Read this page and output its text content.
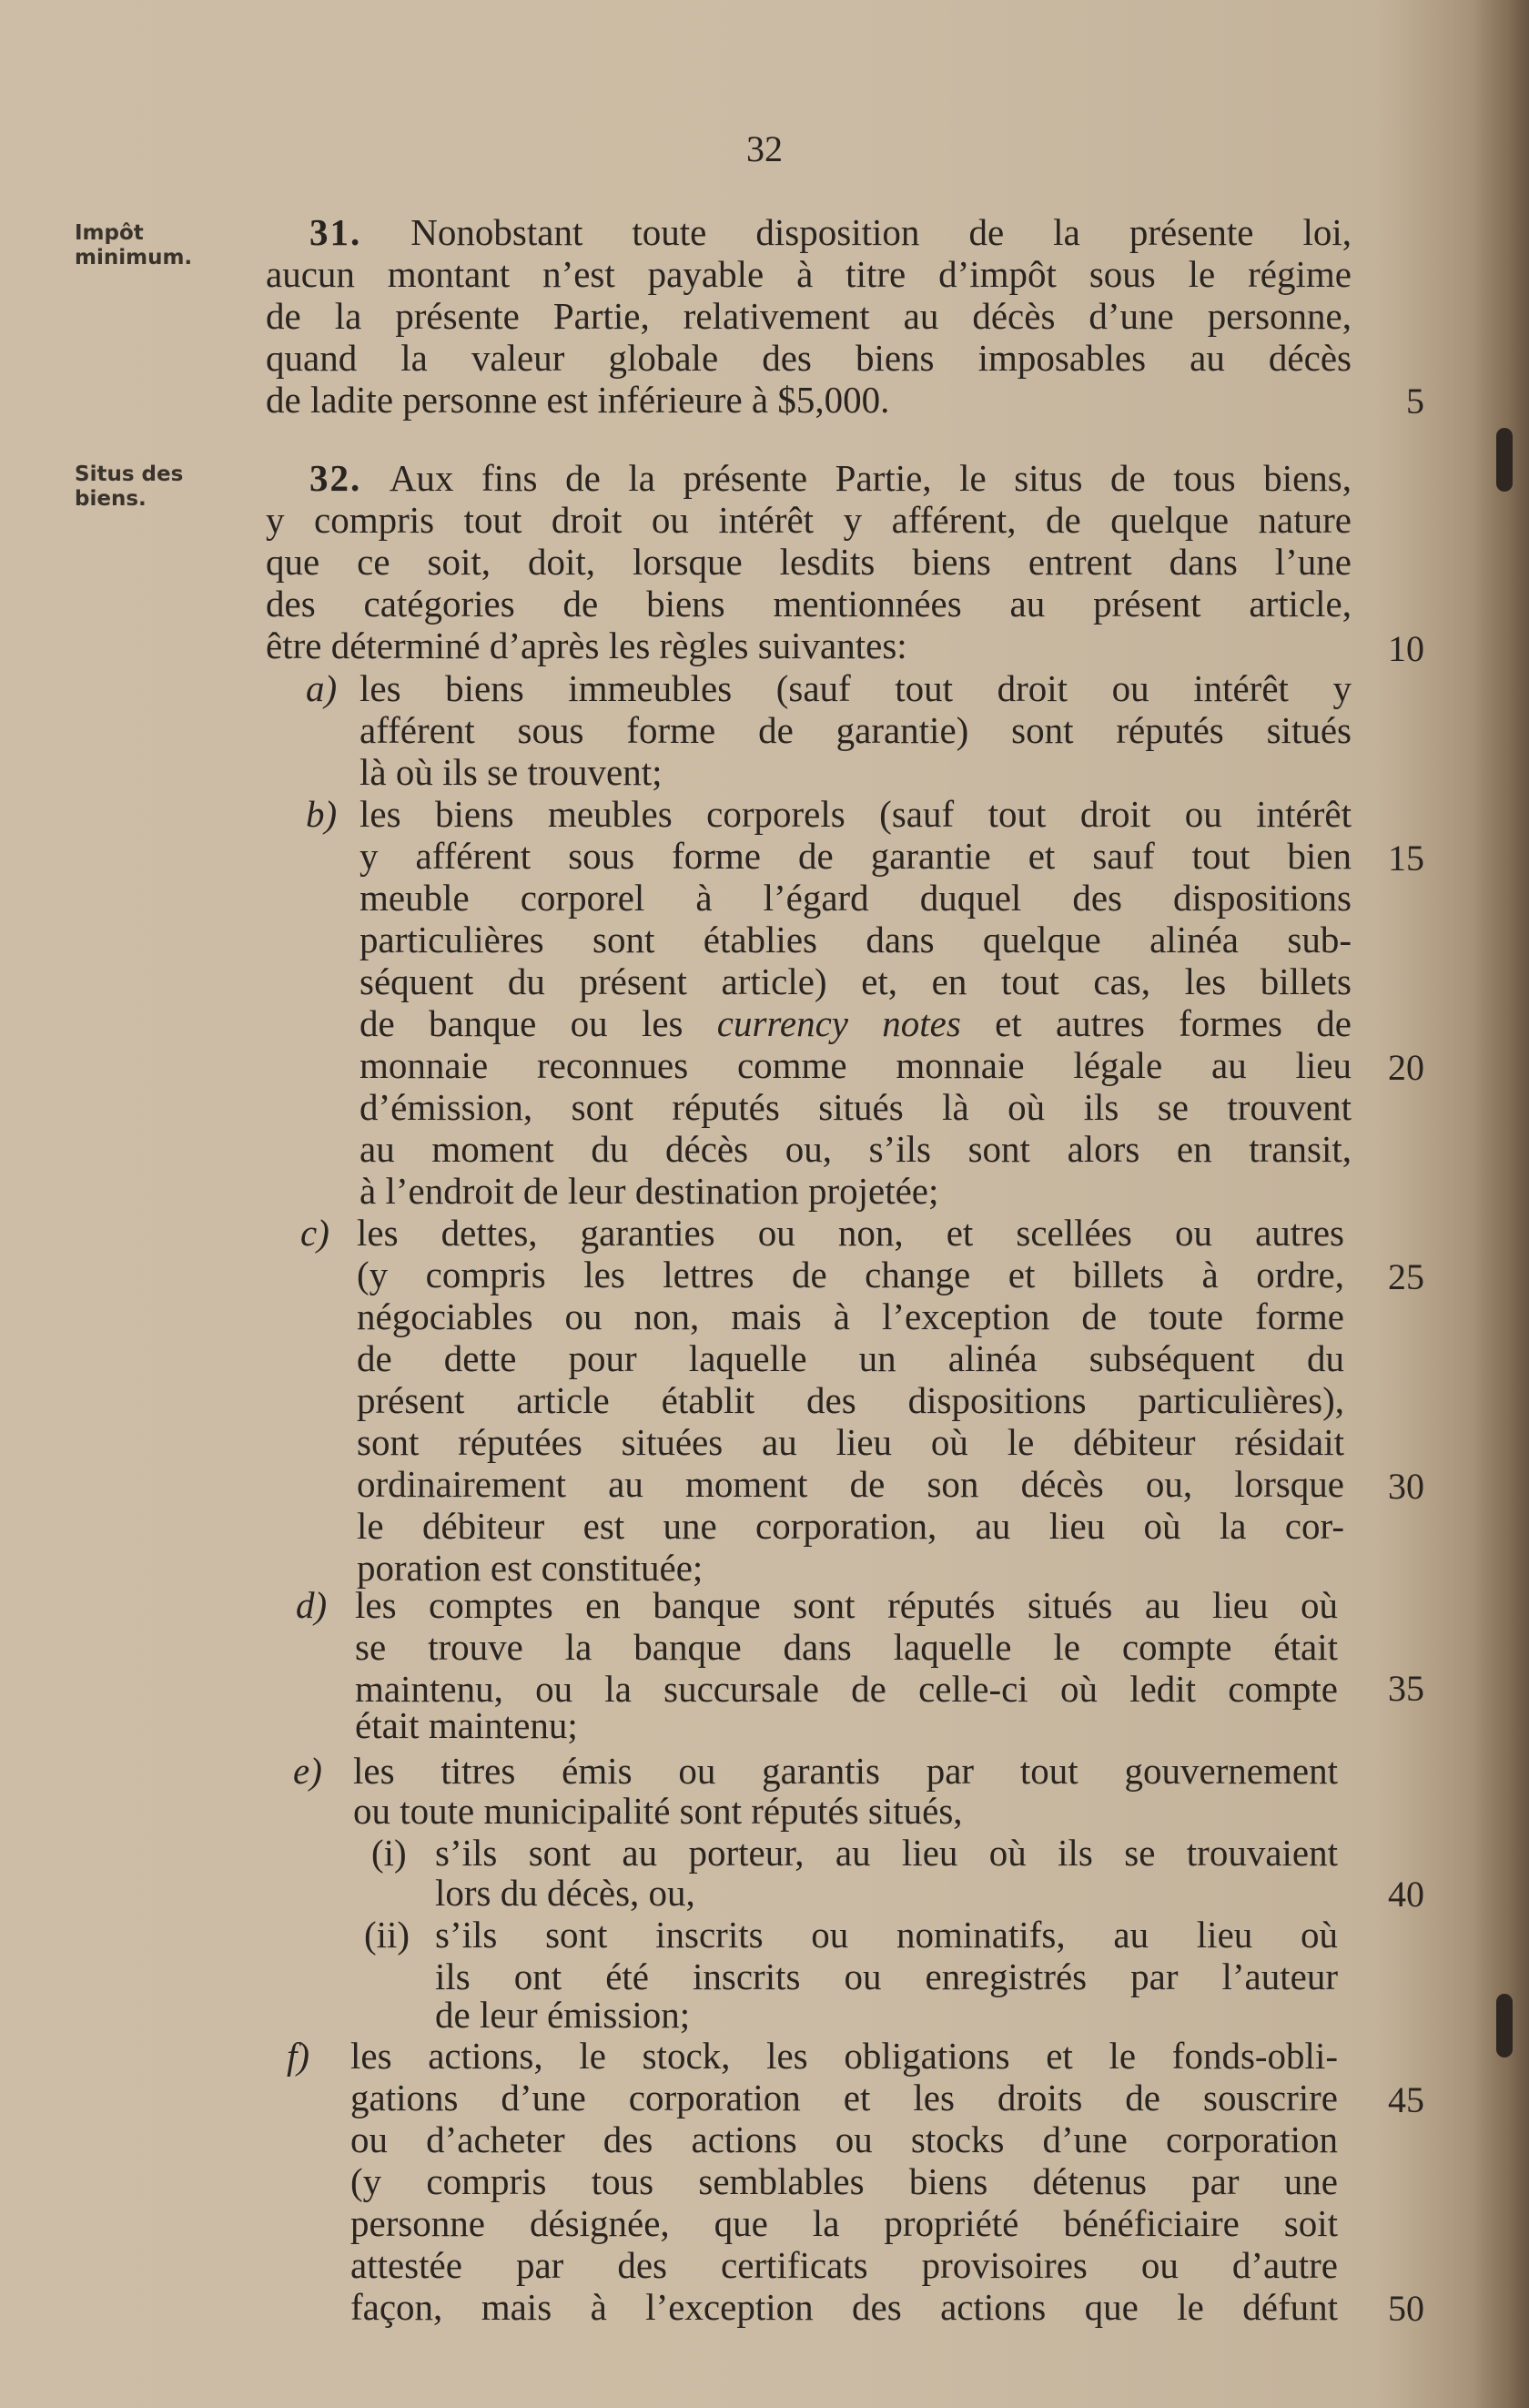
32
Impôt
minimum.
Situs des
biens.
31. Nonobstant toute disposition de la présente loi,
aucun montant n’est payable à titre d’impôt sous le régime
de la présente Partie, relativement au décès d’une personne,
quand la valeur globale des biens imposables au décès
de ladite personne est inférieure à $5,000.	5
32. Aux fins de la présente Partie, le situs de tous biens,
y compris tout droit ou intérêt y afférent, de quelque nature
que ce soit, doit, lorsque lesdits biens entrent dans l’une
des catégories de biens mentionnées au présent article,
être déterminé d’après les règles suivantes:	10
a) les biens immeubles (sauf tout droit ou intérêt y
afférent sous forme de garantie) sont réputés situés
là où ils se trouvent;
b) les biens meubles corporels (sauf tout droit ou intérêt
y afférent sous forme de garantie et sauf tout bien	15
meuble corporel à l’égard duquel des dispositions
particulières sont établies dans quelque alinéa sub-
séquent du présent article) et, en tout cas, les billets
de banque ou les currency notes et autres formes de
monnaie reconnues comme monnaie légale au lieu	20
d’émission, sont réputés situés là où ils se trouvent
au moment du décès ou, s’ils sont alors en transit,
à l’endroit de leur destination projetée;
c) les dettes, garanties ou non, et scellées ou autres
(y compris les lettres de change et billets à ordre,	25
négociables ou non, mais à l’exception de toute forme
de dette pour laquelle un alinéa subséquent du
présent article établit des dispositions particulières),
sont réputées situées au lieu où le débiteur résidait
ordinairement au moment de son décès ou, lorsque	30
le débiteur est une corporation, au lieu où la cor-
poration est constituée;
d) les comptes en banque sont réputés situés au lieu où
se trouve la banque dans laquelle le compte était
maintenu, ou la succursale de celle-ci où ledit compte	35
était maintenu;
e) les titres émis ou garantis par tout gouvernement
ou toute municipalité sont réputés situés,
(i) s’ils sont au porteur, au lieu où ils se trouvaient
lors du décès, ou,	40
(ii) s’ils sont inscrits ou nominatifs, au lieu où
ils ont été inscrits ou enregistrés par l’auteur
de leur émission;
f) les actions, le stock, les obligations et le fonds-obli-
gations d’une corporation et les droits de souscrire	45
ou d’acheter des actions ou stocks d’une corporation
(y compris tous semblables biens détenus par une
personne désignée, que la propriété bénéficiaire soit
attestée par des certificats provisoires ou d’autre
façon, mais à l’exception des actions que le défunt	50
